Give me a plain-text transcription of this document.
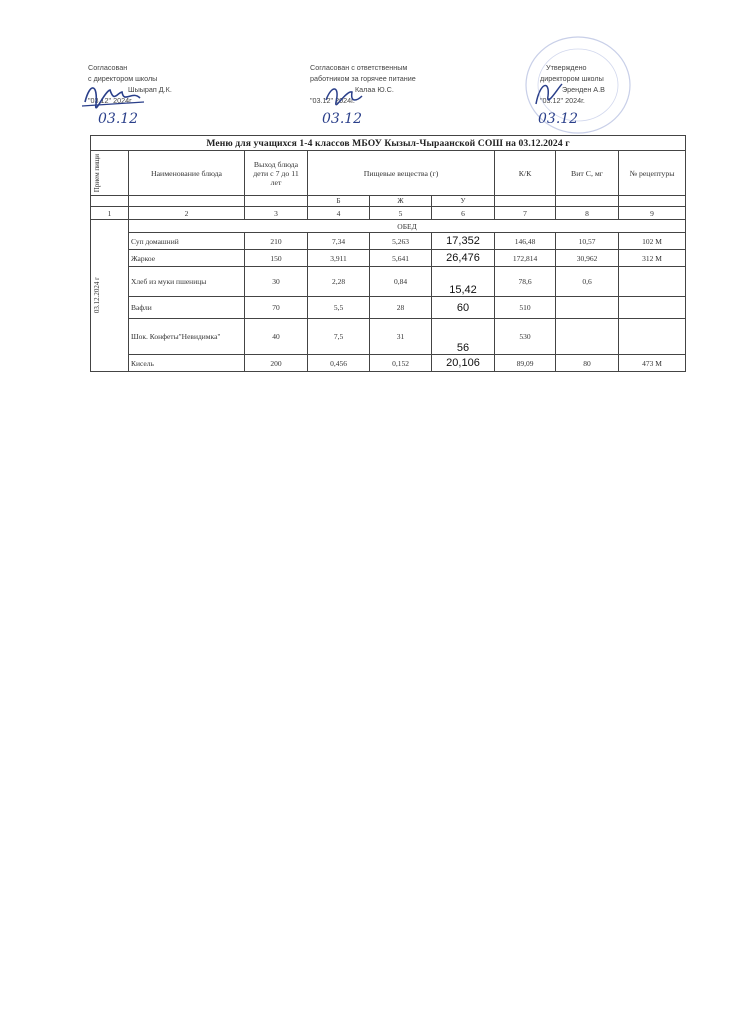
Согласован
с директором школы
Шыырап Д.К.
"03.12" 2024г.
Согласован с ответственным
работником за горячее питание
Калаа Ю.С.
"03.12" 2024г.
Утверждено
директором школы
Эренден А.В
"03.12" 2024г.
03.12	03.12	03.12
Меню для учащихся 1-4 классов МБОУ Кызыл-Чыраанской СОШ на 03.12.2024 г								

Прием пищи	Наименование блюда	Выход блюда дети с 7 до 11 лет	Пищевые вещества (г)			К/К	Вит С, мг	№ рецептуры
			Б	Ж	У			
1	2	3	4	5	6	7	8	9

03.12.2024 г	ОБЕД							
	Суп домашний	210	7,34	5,263	17,352	146,48	10,57	102 М
	Жаркое	150	3,911	5,641	26,476	172,814	30,962	312 М
	Хлеб из муки пшеницы	30	2,28	0,84	15,42	78,6	0,6	
	Вафли	70	5,5	28	60	510		
	Шок. Конфеты"Невидимка"	40	7,5	31	56	530		
	Кисель	200	0,456	0,152	20,106	89,09	80	473 М
